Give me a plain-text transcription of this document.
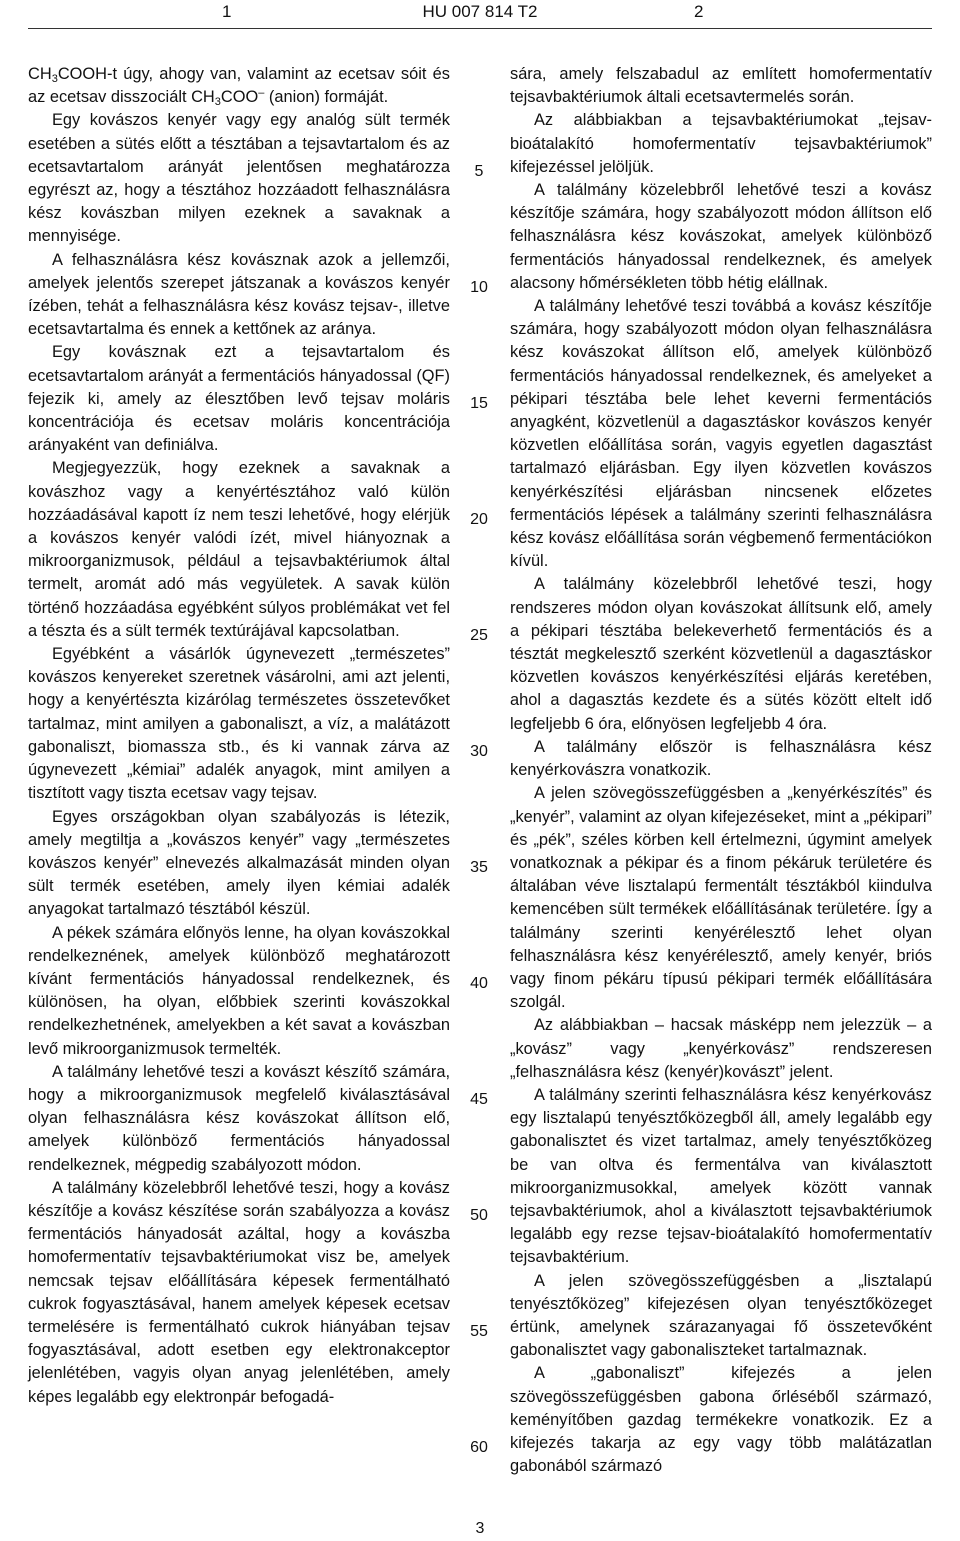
1	HU 007 814 T2	2

$CH_3COOH-t$ úgy, ahogy van, valamint az ecetsav sóit és az ecetsav disszociált $CH_3COO^-$ (anion) formáját.

Egy kovászos kenyér vagy egy analóg sült termék esetében a sütés előtt a tésztában a tejsavtartalom és az ecetsavtartalom arányát jelentősen meghatározza egyrészt az, hogy a tésztához hozzáadott felhasználásra kész kovászban milyen ezeknek a savaknak a mennyisége.

A felhasználásra kész kovásznak azok a jellemzői, amelyek jelentős szerepet játszanak a kovászos kenyér ízében, tehát a felhasználásra kész kovász tejsav-, illetve ecetsavtartalma és ennek a kettőnek az aránya.

Egy kovásznak ezt a tejsavtartalom és ecetsavtartalom arányát a fermentációs hányadossal (QF) fejezik ki, amely az élesztőben levő tejsav moláris koncentrációja és ecetsav moláris koncentrációja arányaként van definiálva.

Megjegyezzük, hogy ezeknek a savaknak a kovászhoz vagy a kenyértésztához való külön hozzáadásával kapott íz nem teszi lehetővé, hogy elérjük a kovászos kenyér valódi ízét, mivel hiányoznak a mikroorganizmusok, például a tejsavbaktériumok által termelt, aromát adó más vegyületek. A savak külön történő hozzáadása egyébként súlyos problémákat vet fel a tészta és a sült termék textúrájával kapcsolatban.

Egyébként a vásárlók úgynevezett „természetes” kovászos kenyereket szeretnek vásárolni, ami azt jelenti, hogy a kenyértészta kizárólag természetes összetevőket tartalmaz, mint amilyen a gabonaliszt, a víz, a malátázott gabonaliszt, biomassza stb., és ki vannak zárva az úgynevezett „kémiai” adalék anyagok, mint amilyen a tisztított vagy tiszta ecetsav vagy tejsav.

Egyes országokban olyan szabályozás is létezik, amely megtiltja a „kovászos kenyér” vagy „természetes kovászos kenyér” elnevezés alkalmazását minden olyan sült termék esetében, amely ilyen kémiai adalék anyagokat tartalmazó tésztából készül.

A pékek számára előnyös lenne, ha olyan kovászokkal rendelkeznének, amelyek különböző meghatározott kívánt fermentációs hányadossal rendelkeznek, és különösen, ha olyan, előbbiek szerinti kovászokkal rendelkezhetnének, amelyekben a két savat a kovászban levő mikroorganizmusok termelték.

A találmány lehetővé teszi a kovászt készítő számára, hogy a mikroorganizmusok megfelelő kiválasztásával olyan felhasználásra kész kovászokat állítson elő, amelyek különböző fermentációs hányadossal rendelkeznek, mégpedig szabályozott módon.

A találmány közelebbről lehetővé teszi, hogy a kovász készítője a kovász készítése során szabályozza a kovász fermentációs hányadosát azáltal, hogy a kovászba homofermentatív tejsavbaktériumokat visz be, amelyek nemcsak tejsav előállítására képesek fermentálható cukrok fogyasztásával, hanem amelyek képesek ecetsav termelésére is fermentálható cukrok hiányában tejsav fogyasztásával, adott esetben egy elektronakceptor jelenlétében, vagyis olyan anyag jelenlétében, amely képes legalább egy elektronpár befogadá-

5
10
15
20
25
30
35
40
45
50
55
60

sára, amely felszabadul az említett homofermentatív tejsavbaktériumok általi ecetsavtermelés során.

Az alábbiakban a tejsavbaktériumokat „tejsav-bioátalakító homofermentatív tejsavbaktériumok” kifejezéssel jelöljük.

A találmány közelebbről lehetővé teszi a kovász készítője számára, hogy szabályozott módon állítson elő felhasználásra kész kovászokat, amelyek különböző fermentációs hányadossal rendelkeznek, és amelyek alacsony hőmérsékleten több hétig elállnak.

A találmány lehetővé teszi továbbá a kovász készítője számára, hogy szabályozott módon olyan felhasználásra kész kovászokat állítson elő, amelyek különböző fermentációs hányadossal rendelkeznek, és amelyeket a pékipari tésztába bele lehet keverni fermentációs anyagként, közvetlenül a dagasztáskor kovászos kenyér közvetlen előállítása során, vagyis egyetlen dagasztást tartalmazó eljárásban. Egy ilyen közvetlen kovászos kenyérkészítési eljárásban nincsenek előzetes fermentációs lépések a találmány szerinti felhasználásra kész kovász előállítása során végbemenő fermentációkon kívül.

A találmány közelebbről lehetővé teszi, hogy rendszeres módon olyan kovászokat állítsunk elő, amely a pékipari tésztába belekeverhető fermentációs és a tésztát megkelesztő szerként közvetlenül a dagasztáskor közvetlen kovászos kenyérkészítési eljárás keretében, ahol a dagasztás kezdete és a sütés között eltelt idő legfeljebb 6 óra, előnyösen legfeljebb 4 óra.

A találmány először is felhasználásra kész kenyérkovászra vonatkozik.

A jelen szövegösszefüggésben a „kenyérkészítés” és „kenyér”, valamint az olyan kifejezéseket, mint a „pékipari” és „pék”, széles körben kell értelmezni, úgymint amelyek vonatkoznak a pékipar és a finom pékáruk területére és általában véve lisztalapú fermentált tésztákból kiindulva kemencében sült termékek előállításának területére. Így a találmány szerinti kenyérélesztő lehet olyan felhasználásra kész kenyérélesztő, amely kenyér, briós vagy finom pékáru típusú pékipari termék előállítására szolgál.

Az alábbiakban – hacsak másképp nem jelezzük – a „kovász” vagy „kenyérkovász” rendszeresen „felhasználásra kész (kenyér)kovászt” jelent.

A találmány szerinti felhasználásra kész kenyérkovász egy lisztalapú tenyésztőközegből áll, amely legalább egy gabonalisztet és vizet tartalmaz, amely tenyésztőközeg be van oltva és fermentálva van kiválasztott mikroorganizmusokkal, amelyek között vannak tejsavbaktériumok, ahol a kiválasztott tejsavbaktériumok legalább egy rezse tejsav-bioátalakító homofermentatív tejsavbaktérium.

A jelen szövegösszefüggésben a „lisztalapú tenyésztőközeg” kifejezésen olyan tenyésztőközeget értünk, amelynek szárazanyagai fő összetevőként gabonalisztet vagy gabonaliszteket tartalmaznak.

A „gabonaliszt” kifejezés a jelen szövegösszefüggésben gabona őrléséből származó, keményítőben gazdag termékekre vonatkozik. Ez a kifejezés takarja az egy vagy több malátázatlan gabonából származó

3
